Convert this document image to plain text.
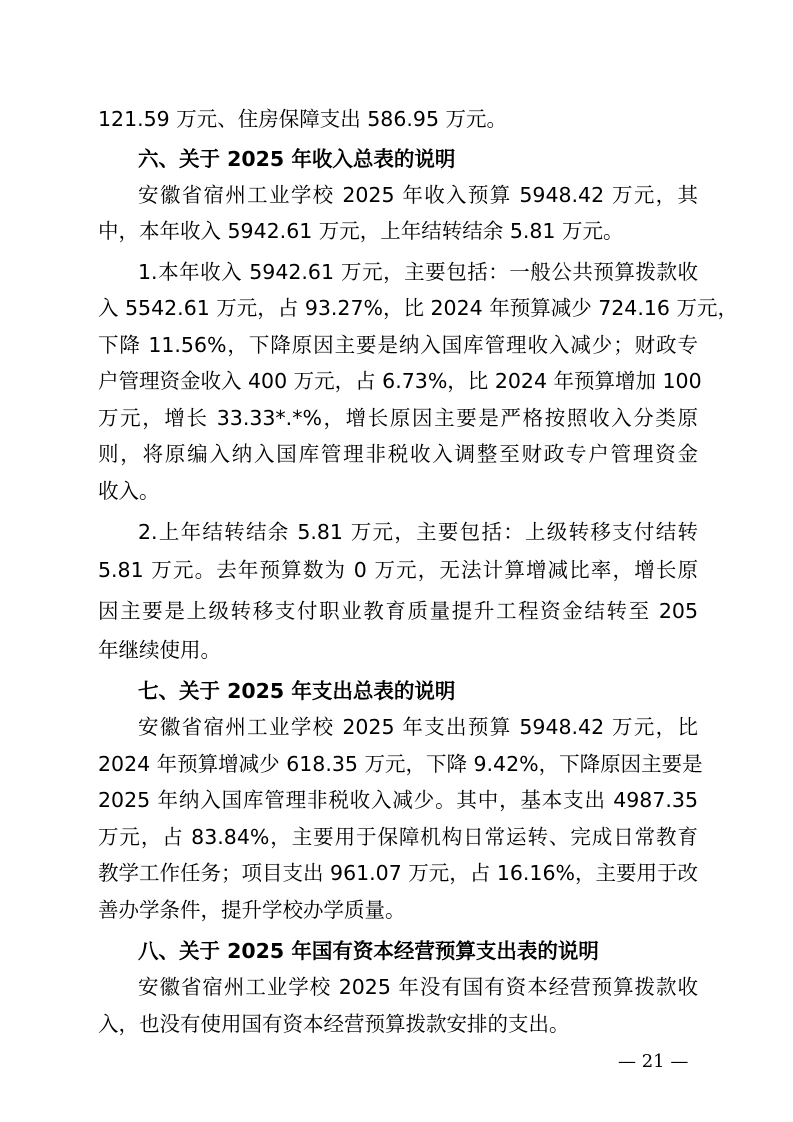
121.59 万元、住房保障支出 586.95 万元。

六、关于 2025 年收入总表的说明

安徽省宿州工业学校 2025 年收入预算 5948.42 万元，其

中，本年收入 5942.61 万元，上年结转结余 5.81 万元。

1.本年收入 5942.61 万元，主要包括：一般公共预算拨款收

入 5542.61 万元，占 93.27%，比 2024 年预算减少 724.16 万元，

下降 11.56%，下降原因主要是纳入国库管理收入减少；财政专

户管理资金收入 400 万元，占 6.73%，比 2024 年预算增加 100

万元，增长 33.33*.*%，增长原因主要是严格按照收入分类原

则，将原编入纳入国库管理非税收入调整至财政专户管理资金

收入。

2.上年结转结余 5.81 万元，主要包括：上级转移支付结转

5.81 万元。去年预算数为 0 万元，无法计算增减比率，增长原

因主要是上级转移支付职业教育质量提升工程资金结转至 205

年继续使用。

七、关于 2025 年支出总表的说明

安徽省宿州工业学校 2025 年支出预算 5948.42 万元，比

2024 年预算增减少 618.35 万元，下降 9.42%，下降原因主要是

2025 年纳入国库管理非税收入减少。其中，基本支出 4987.35

万元，占 83.84%，主要用于保障机构日常运转、完成日常教育

教学工作任务；项目支出 961.07 万元，占 16.16%，主要用于改

善办学条件，提升学校办学质量。

八、关于 2025 年国有资本经营预算支出表的说明

安徽省宿州工业学校 2025 年没有国有资本经营预算拨款收

入，也没有使用国有资本经营预算拨款安排的支出。

— 21 —
